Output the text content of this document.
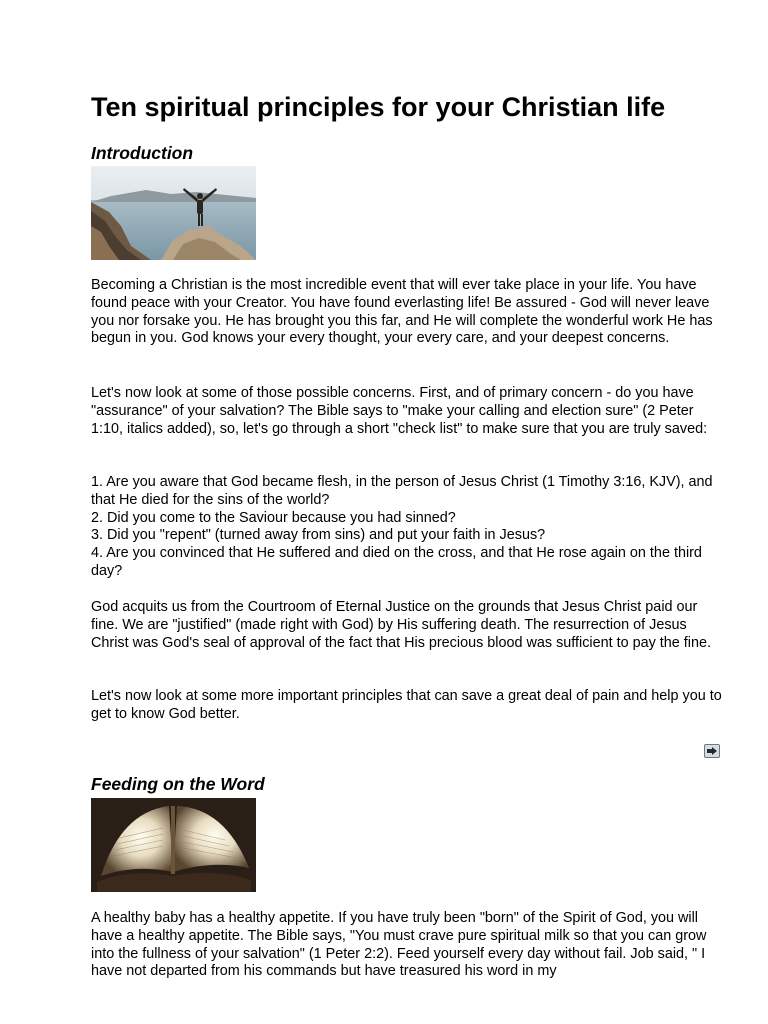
Ten spiritual principles for your Christian life
Introduction

Becoming a Christian is the most incredible event that will ever take place in your life. You have found peace with your Creator. You have found everlasting life! Be assured - God will never leave you nor forsake you. He has brought you this far, and He will complete the wonderful work He has begun in you. God knows your every thought, your every care, and your deepest concerns.

Let's now look at some of those possible concerns. First, and of primary concern - do you have "assurance" of your salvation? The Bible says to "make your calling and election sure" (2 Peter 1:10, italics added), so, let's go through a short "check list" to make sure that you are truly saved:

1. Are you aware that God became flesh, in the person of Jesus Christ (1 Timothy 3:16, KJV), and that He died for the sins of the world?
2. Did you come to the Saviour because you had sinned?
3. Did you "repent" (turned away from sins) and put your faith in Jesus?
4. Are you convinced that He suffered and died on the cross, and that He rose again on the third day?

God acquits us from the Courtroom of Eternal Justice on the grounds that Jesus Christ paid our fine. We are "justified" (made right with God) by His suffering death. The resurrection of Jesus Christ was God's seal of approval of the fact that His precious blood was sufficient to pay the fine.

Let's now look at some more important principles that can save a great deal of pain and help you to get to know God better.

Feeding on the Word

A healthy baby has a healthy appetite. If you have truly been "born" of the Spirit of God, you will have a healthy appetite. The Bible says, "You must crave pure spiritual milk so that you can grow into the fullness of your salvation" (1 Peter 2:2). Feed yourself every day without fail. Job said, " I have not departed from his commands but have treasured his word in my
